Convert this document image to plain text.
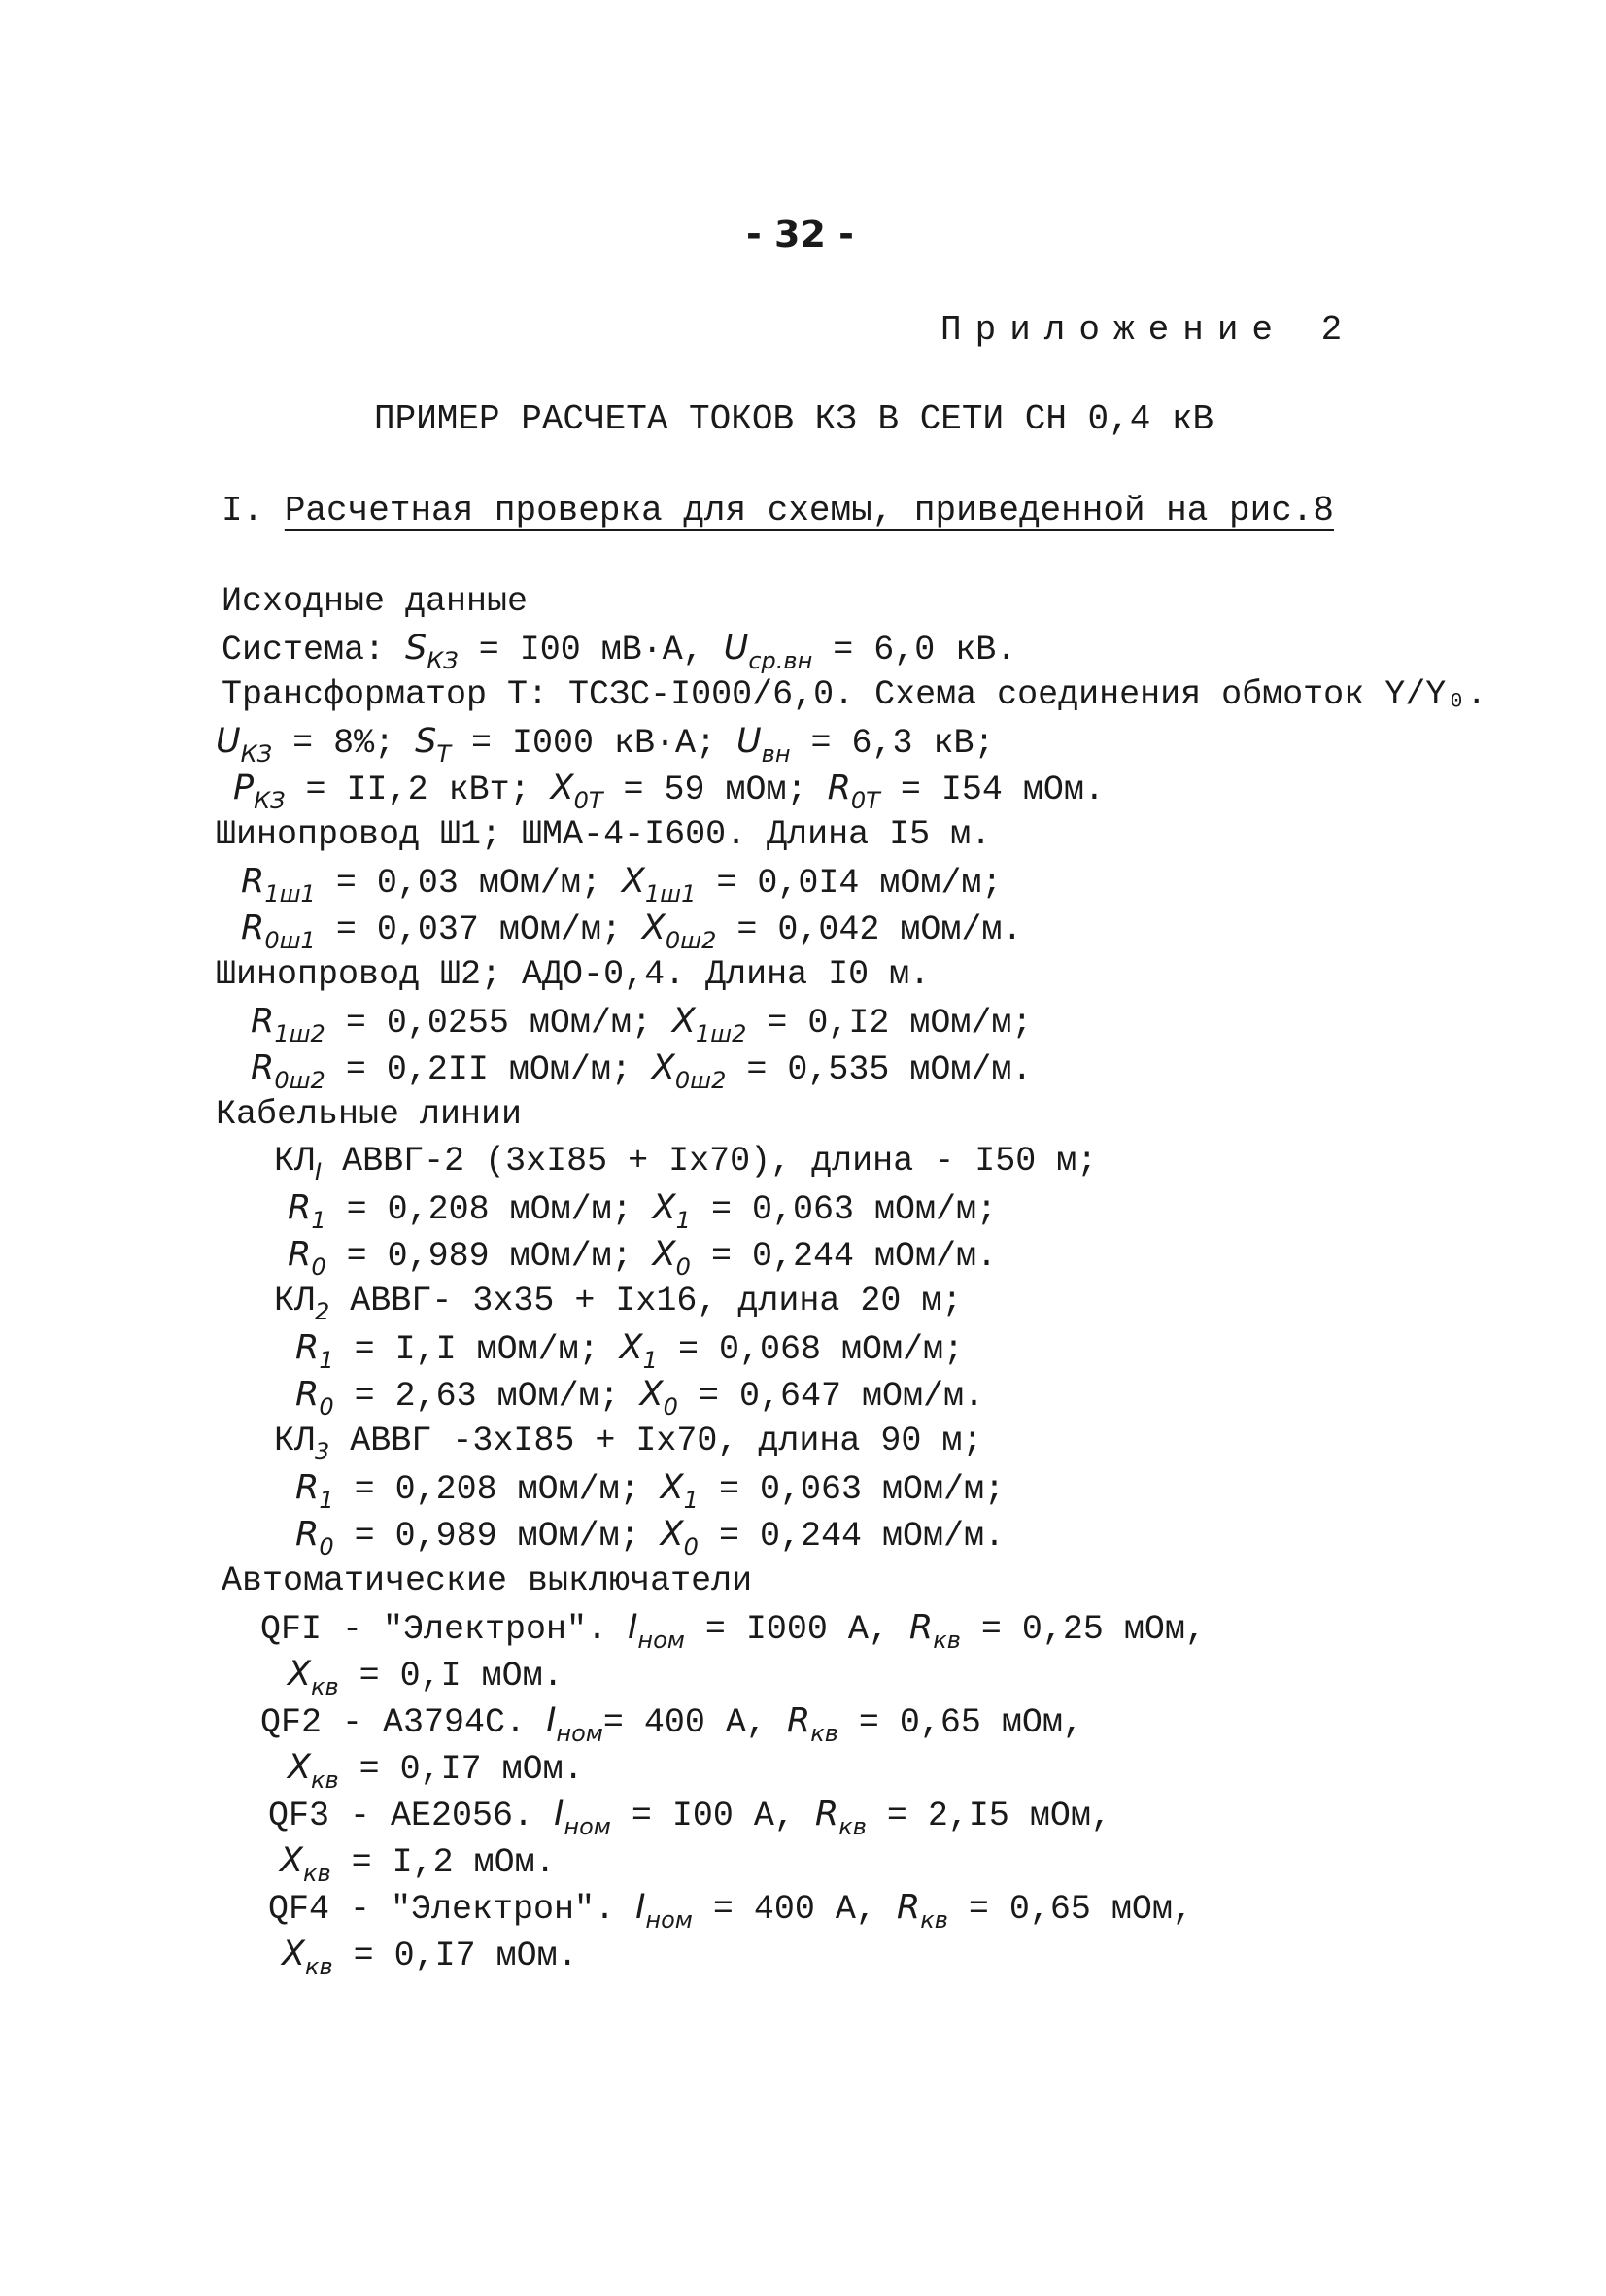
- 32 -
Приложение 2
ПРИМЕР РАСЧЕТА ТОКОВ КЗ В СЕТИ СН 0,4 кВ
I. Расчетная проверка для схемы, приведенной на рис.8
Исходные данные
Система: $S_{КЗ} = I00$ мВ·А, $U_{ср.вн} = 6,0$ кВ.
Трансформатор Т: ТСЗС-I000/6,0. Схема соединения обмоток Y/Y₀.
$U_{КЗ} = 8\%$; $S_Т = I000$ кВ·А; $U_{вн} = 6,3$ кВ;
$P_{КЗ} = II,2$ кВт; $X_{0Т} = 59$ мОм; $R_{0Т} = I54$ мОм.
Шинопровод Ш1; ШМА-4-I600. Длина I5 м.
$R_{1ш1} = 0,03$ мОм/м; $X_{1ш1} = 0,0I4$ мОм/м;
$R_{0ш1} = 0,037$ мОм/м; $X_{0ш2} = 0,042$ мОм/м.
Шинопровод Ш2; АДО-0,4. Длина I0 м.
$R_{1ш2} = 0,0255$ мОм/м; $X_{1ш2} = 0,I2$ мОм/м;
$R_{0ш2} = 0,2II$ мОм/м; $X_{0ш2} = 0,535$ мОм/м.
Кабельные линии
$КЛ_I$ АВВГ-2 (3хI85 + Iх70), длина - I50 м;
$R_1 = 0,208$ мОм/м; $X_1 = 0,063$ мОм/м;
$R_0 = 0,989$ мОм/м; $X_0 = 0,244$ мОм/м.
$КЛ_2$ АВВГ- 3х35 + Iх16, длина 20 м;
$R_1 = I,I$ мОм/м; $X_1 = 0,068$ мОм/м;
$R_0 = 2,63$ мОм/м; $X_0 = 0,647$ мОм/м.
$КЛ_3$ АВВГ -3хI85 + Iх70, длина 90 м;
$R_1 = 0,208$ мОм/м; $X_1 = 0,063$ мОм/м;
$R_0 = 0,989$ мОм/м; $X_0 = 0,244$ мОм/м.
Автоматические выключатели
QFI - "Электрон". $I_{ном} = I000$ А, $R_{кв} = 0,25$ мОм,
$X_{кв} = 0,I$ мОм.
QF2 - А3794С. $I_{ном}= 400$ А, $R_{кв} = 0,65$ мОм,
$X_{кв} = 0,I7$ мОм.
QF3 - АЕ2056. $I_{ном} = I00$ А, $R_{кв} = 2,I5$ мОм,
$X_{кв} = I,2$ мОм.
QF4 - "Электрон". $I_{ном} = 400$ А, $R_{кв} = 0,65$ мОм,
$X_{кв} = 0,I7$ мОм.
